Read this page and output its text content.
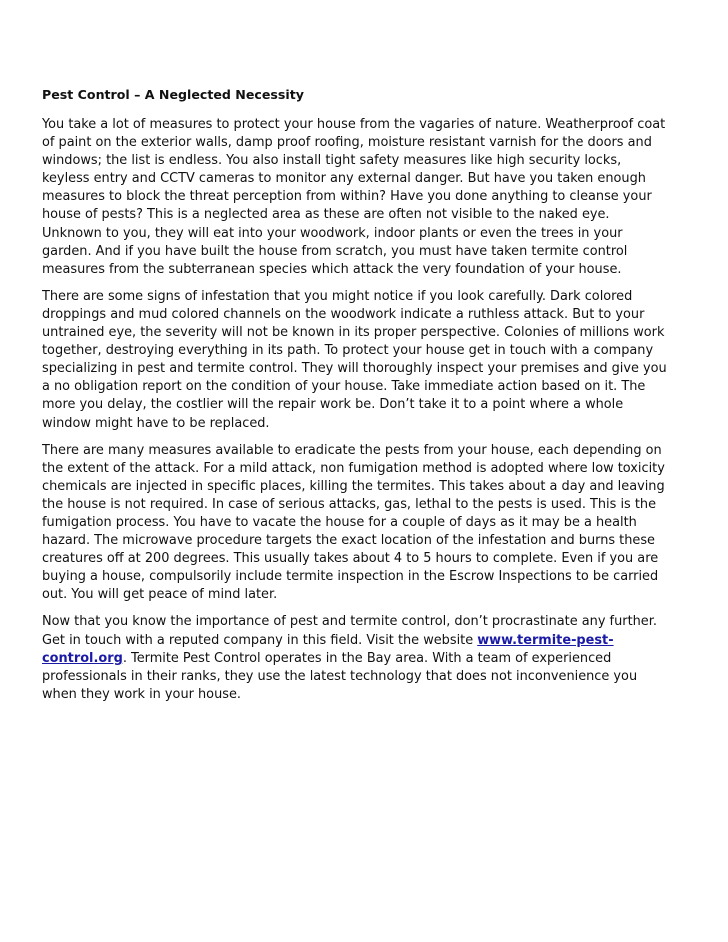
Pest Control – A Neglected Necessity
You take a lot of measures to protect your house from the vagaries of nature. Weatherproof coat
of paint on the exterior walls, damp proof roofing, moisture resistant varnish for the doors and
windows; the list is endless. You also install tight safety measures like high security locks,
keyless entry and CCTV cameras to monitor any external danger. But have you taken enough
measures to block the threat perception from within? Have you done anything to cleanse your
house of pests? This is a neglected area as these are often not visible to the naked eye.
Unknown to you, they will eat into your woodwork, indoor plants or even the trees in your
garden. And if you have built the house from scratch, you must have taken termite control
measures from the subterranean species which attack the very foundation of your house.
There are some signs of infestation that you might notice if you look carefully. Dark colored
droppings and mud colored channels on the woodwork indicate a ruthless attack. But to your
untrained eye, the severity will not be known in its proper perspective. Colonies of millions work
together, destroying everything in its path. To protect your house get in touch with a company
specializing in pest and termite control. They will thoroughly inspect your premises and give you
a no obligation report on the condition of your house. Take immediate action based on it. The
more you delay, the costlier will the repair work be. Don’t take it to a point where a whole
window might have to be replaced.
There are many measures available to eradicate the pests from your house, each depending on
the extent of the attack. For a mild attack, non fumigation method is adopted where low toxicity
chemicals are injected in specific places, killing the termites. This takes about a day and leaving
the house is not required. In case of serious attacks, gas, lethal to the pests is used. This is the
fumigation process. You have to vacate the house for a couple of days as it may be a health
hazard. The microwave procedure targets the exact location of the infestation and burns these
creatures off at 200 degrees. This usually takes about 4 to 5 hours to complete. Even if you are
buying a house, compulsorily include termite inspection in the Escrow Inspections to be carried
out. You will get peace of mind later.
Now that you know the importance of pest and termite control, don’t procrastinate any further.
Get in touch with a reputed company in this field. Visit the website www.termite-pest-
control.org. Termite Pest Control operates in the Bay area. With a team of experienced
professionals in their ranks, they use the latest technology that does not inconvenience you
when they work in your house.
